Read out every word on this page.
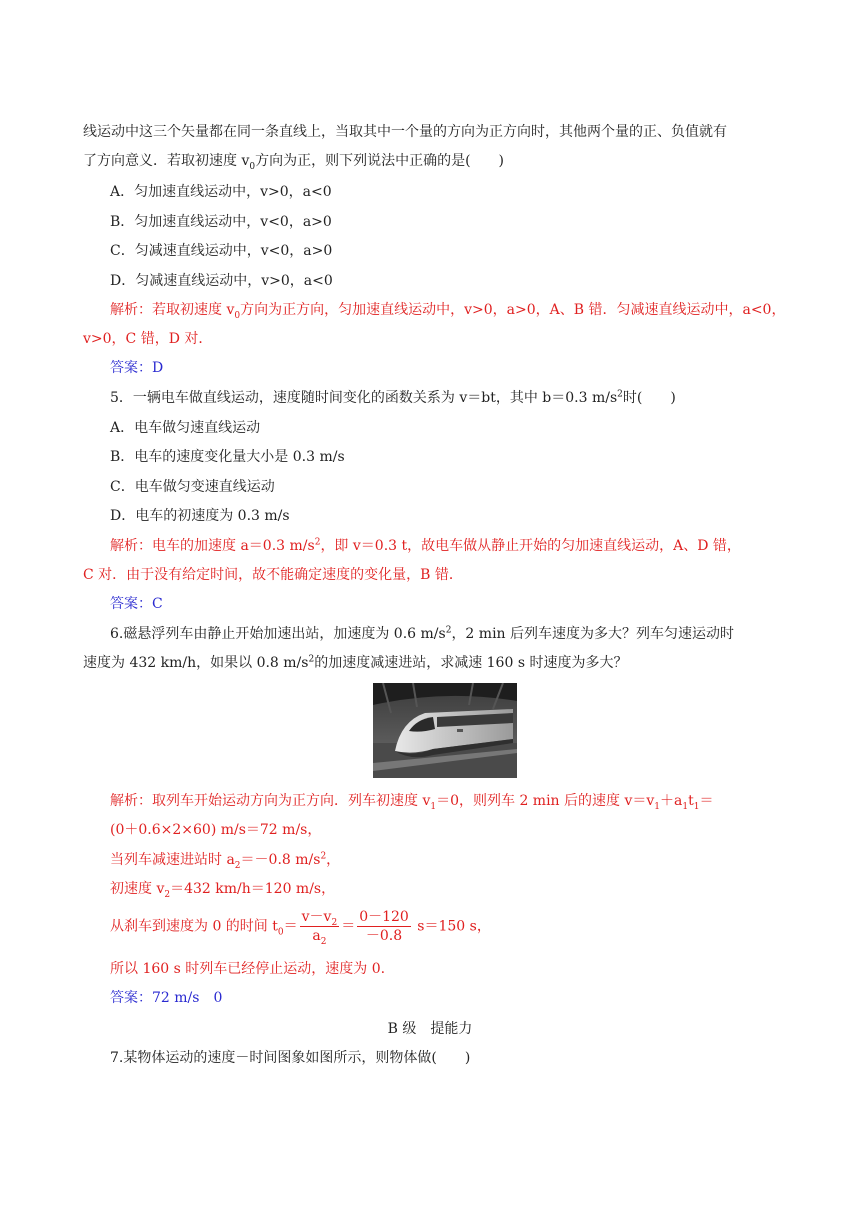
线运动中这三个矢量都在同一条直线上，当取其中一个量的方向为正方向时，其他两个量的正、负值就有
了方向意义．若取初速度 $v_0$方向为正，则下列说法中正确的是(　　)
A．匀加速直线运动中，v>0，a<0
B．匀加速直线运动中，v<0，a>0
C．匀减速直线运动中，v<0，a>0
D．匀减速直线运动中，v>0，a<0
解析：若取初速度 $v_0$方向为正方向，匀加速直线运动中，v>0，a>0，A、B 错．匀减速直线运动中，a<0，
v>0，C 错，D 对．
答案：D
5．一辆电车做直线运动，速度随时间变化的函数关系为 v＝bt，其中 b＝0.3 $m/s^2$时(　　)
A．电车做匀速直线运动
B．电车的速度变化量大小是 0.3 m/s
C．电车做匀变速直线运动
D．电车的初速度为 0.3 m/s
解析：电车的加速度 a＝0.3 $m/s^2$，即 v＝0.3 t，故电车做从静止开始的匀加速直线运动，A、D 错，
C 对．由于没有给定时间，故不能确定速度的变化量，B 错．
答案：C
6.磁悬浮列车由静止开始加速出站，加速度为 0.6 $m/s^2$，2 min 后列车速度为多大？列车匀速运动时
速度为 432 km/h，如果以 0.8 $m/s^2$的加速度减速进站，求减速 160 s 时速度为多大？
解析：取列车开始运动方向为正方向．列车初速度 $v_1=0$，则列车 2 min 后的速度 $v=v_1+a_1t_1=$
(0＋0.6×2×60) m/s＝72 m/s，
当列车减速进站时 $a_2=-0.8$ $m/s^2$，
初速度 $v_2=432$ km/h＝120 m/s，
从刹车到速度为 0 的时间 $t_0= \frac{v-v_2}{a_2} = \frac{0-120}{-0.8} s=150$ s，
所以 160 s 时列车已经停止运动，速度为 0.
答案：72 m/s　0
B 级　提能力
7.某物体运动的速度－时间图象如图所示，则物体做(　　)
